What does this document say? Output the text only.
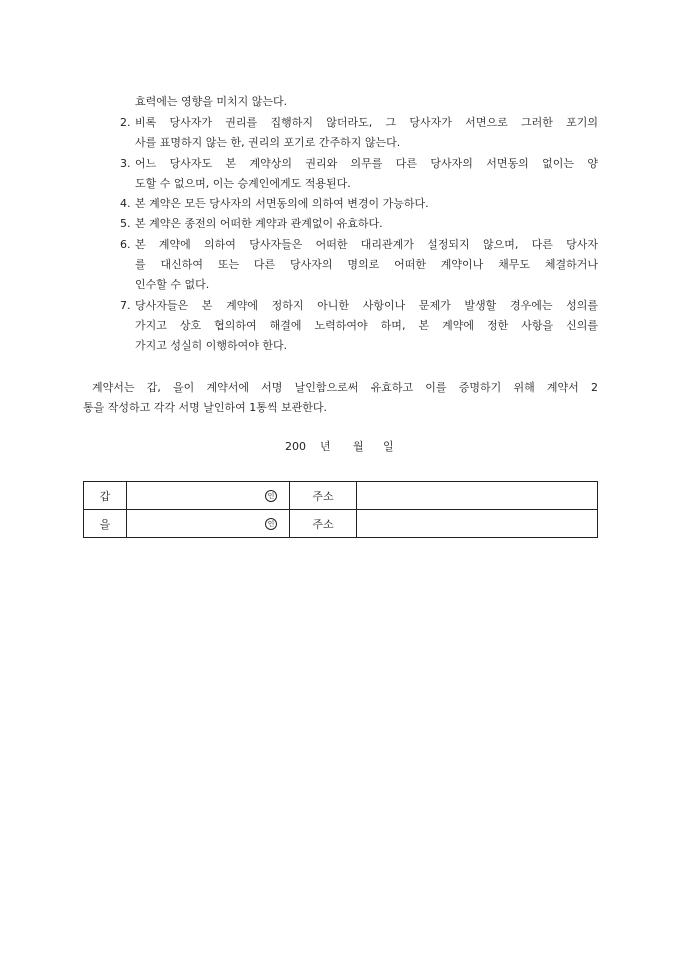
효력에는 영향을 미치지 않는다.
2. 비록 당사자가 권리를 집행하지 않더라도, 그 당사자가 서면으로 그러한 포기의
사를 표명하지 않는 한, 권리의 포기로 간주하지 않는다.
3. 어느 당사자도 본 계약상의 권리와 의무를 다른 당사자의 서면동의 없이는 양
도할 수 없으며, 이는 승계인에게도 적용된다.
4. 본 계약은 모든 당사자의 서면동의에 의하여 변경이 가능하다.
5. 본 계약은 종전의 어떠한 계약과 관계없이 유효하다.
6. 본 계약에 의하여 당사자들은 어떠한 대리관계가 설정되지 않으며, 다른 당사자
를 대신하여 또는 다른 당사자의 명의로 어떠한 계약이나 채무도 체결하거나
인수할 수 없다.
7. 당사자들은 본 계약에 정하지 아니한 사항이나 문제가 발생할 경우에는 성의를
가지고 상호 협의하여 해결에 노력하여야 하며, 본 계약에 정한 사항을 신의를
가지고 성실히 이행하여야 한다.
계약서는 갑, 을이 계약서에 서명 날인함으로써 유효하고 이를 증명하기 위해 계약서 2
통을 작성하고 각각 서명 날인하여 1통씩 보관한다.
200 년 월 일
갑	인	주소	
을	인	주소	
